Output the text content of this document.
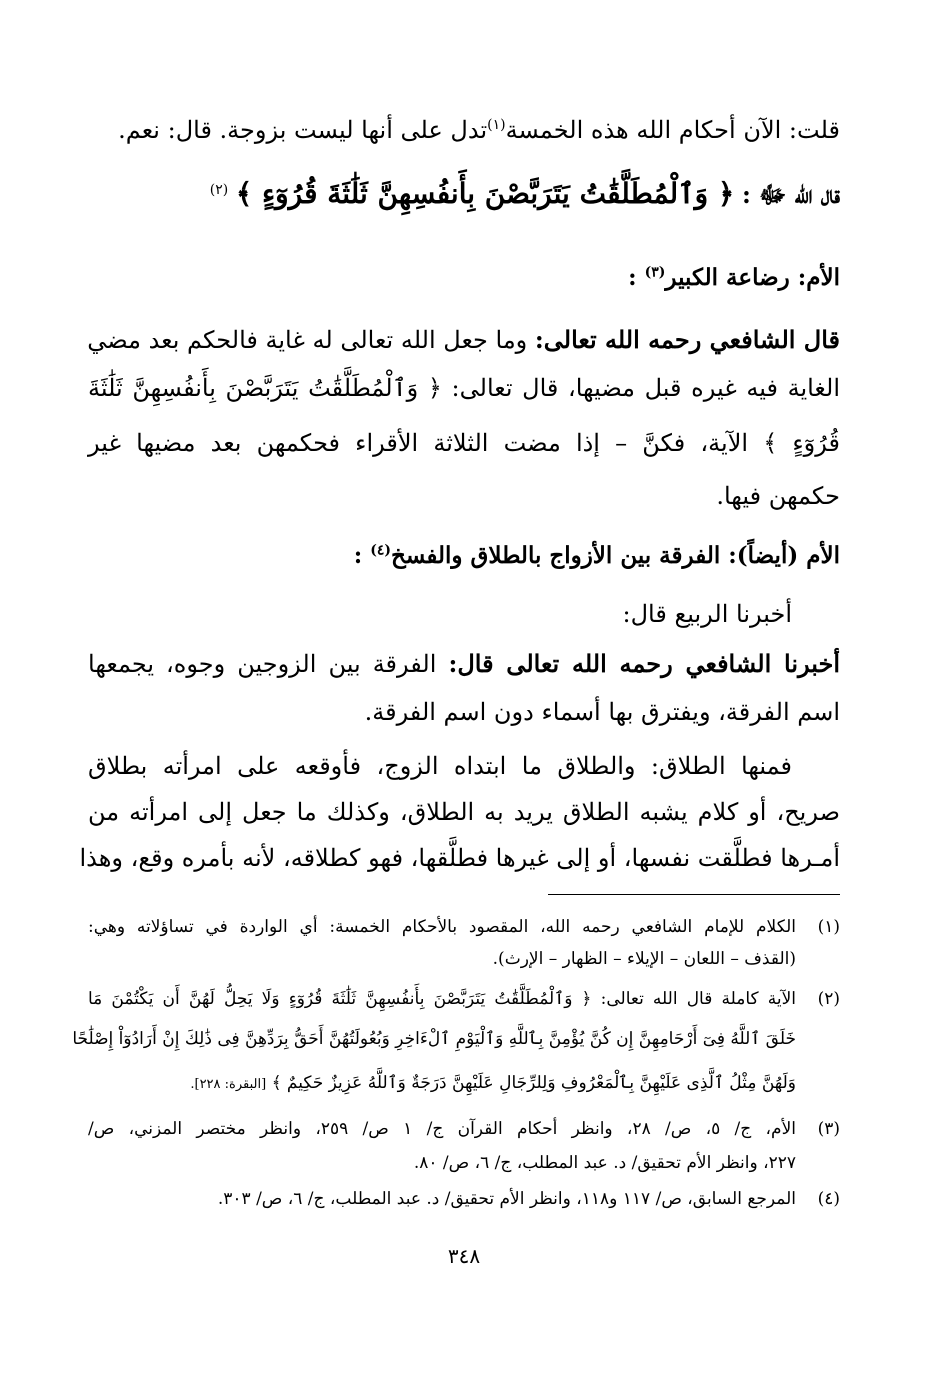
قلت: الآن أحكام الله هذه الخمسة$^{(١)}$تدل على أنها ليست بزوجة. قال: نعم.
قال الله ﷻ : ﴿ وَٱلْمُطَلَّقَٰتُ يَتَرَبَّصْنَ بِأَنفُسِهِنَّ ثَلَٰثَةَ قُرُوٓءٍ ﴾ $^{(٢)}$
الأم: رضاعة الكبير$^{(٣)}$ :
قال الشافعي رحمه الله تعالى: وما جعل الله تعالى له غاية فالحكم بعد مضي
الغاية فيه غيره قبل مضيها، قال تعالى: ﴿ وَٱلْمُطَلَّقَٰتُ يَتَرَبَّصْنَ بِأَنفُسِهِنَّ ثَلَٰثَةَ
قُرُوٓءٍ ﴾ الآية، فكنَّ – إذا مضت الثلاثة الأقراء فحكمهن بعد مضيها غير
حكمهن فيها.
الأم (أيضاً): الفرقة بين الأزواج بالطلاق والفسخ$^{(٤)}$ :
أخبرنا الربيع قال:
أخبرنا الشافعي رحمه الله تعالى قال: الفرقة بين الزوجين وجوه، يجمعها
اسم الفرقة، ويفترق بها أسماء دون اسم الفرقة.
فمنها الطلاق: والطلاق ما ابتداه الزوج، فأوقعه على امرأته بطلاق
صريح، أو كلام يشبه الطلاق يريد به الطلاق، وكذلك ما جعل إلى امرأته من
أمـرها فطلَّقت نفسها، أو إلى غيرها فطلَّقها، فهو كطلاقه، لأنه بأمره وقع، وهذا
(١)الكلام للإمام الشافعي رحمه الله، المقصود بالأحكام الخمسة: أي الواردة في تساؤلاته وهي:
(القذف – اللعان – الإيلاء – الظهار – الإرث).
(٢)الآية كاملة قال الله تعالى: ﴿ وَٱلْمُطَلَّقَٰتُ يَتَرَبَّصْنَ بِأَنفُسِهِنَّ ثَلَٰثَةَ قُرُوٓءٍ وَلَا يَحِلُّ لَهُنَّ أَن يَكْتُمْنَ مَا
خَلَقَ ٱللَّهُ فِىٓ أَرْحَامِهِنَّ إِن كُنَّ يُؤْمِنَّ بِٱللَّهِ وَٱلْيَوْمِ ٱلْءَاخِرِ وَبُعُولَتُهُنَّ أَحَقُّ بِرَدِّهِنَّ فِى ذَٰلِكَ إِنْ أَرَادُوٓاْ إِصْلَٰحًا
وَلَهُنَّ مِثْلُ ٱلَّذِى عَلَيْهِنَّ بِٱلْمَعْرُوفِ وَلِلرِّجَالِ عَلَيْهِنَّ دَرَجَةٌ وَٱللَّهُ عَزِيزٌ حَكِيمٌ ﴾ [البقرة: ٢٢٨].
(٣)الأم، ج/ ٥، ص/ ٢٨، وانظر أحكام القرآن ج/ ١ ص/ ٢٥٩، وانظر مختصر المزني، ص/
٢٢٧، وانظر الأم تحقيق/ د. عبد المطلب، ج/ ٦، ص/ ٨٠.
(٤)المرجع السابق، ص/ ١١٧ و١١٨، وانظر الأم تحقيق/ د. عبد المطلب، ج/ ٦، ص/ ٣٠٣.
٣٤٨
